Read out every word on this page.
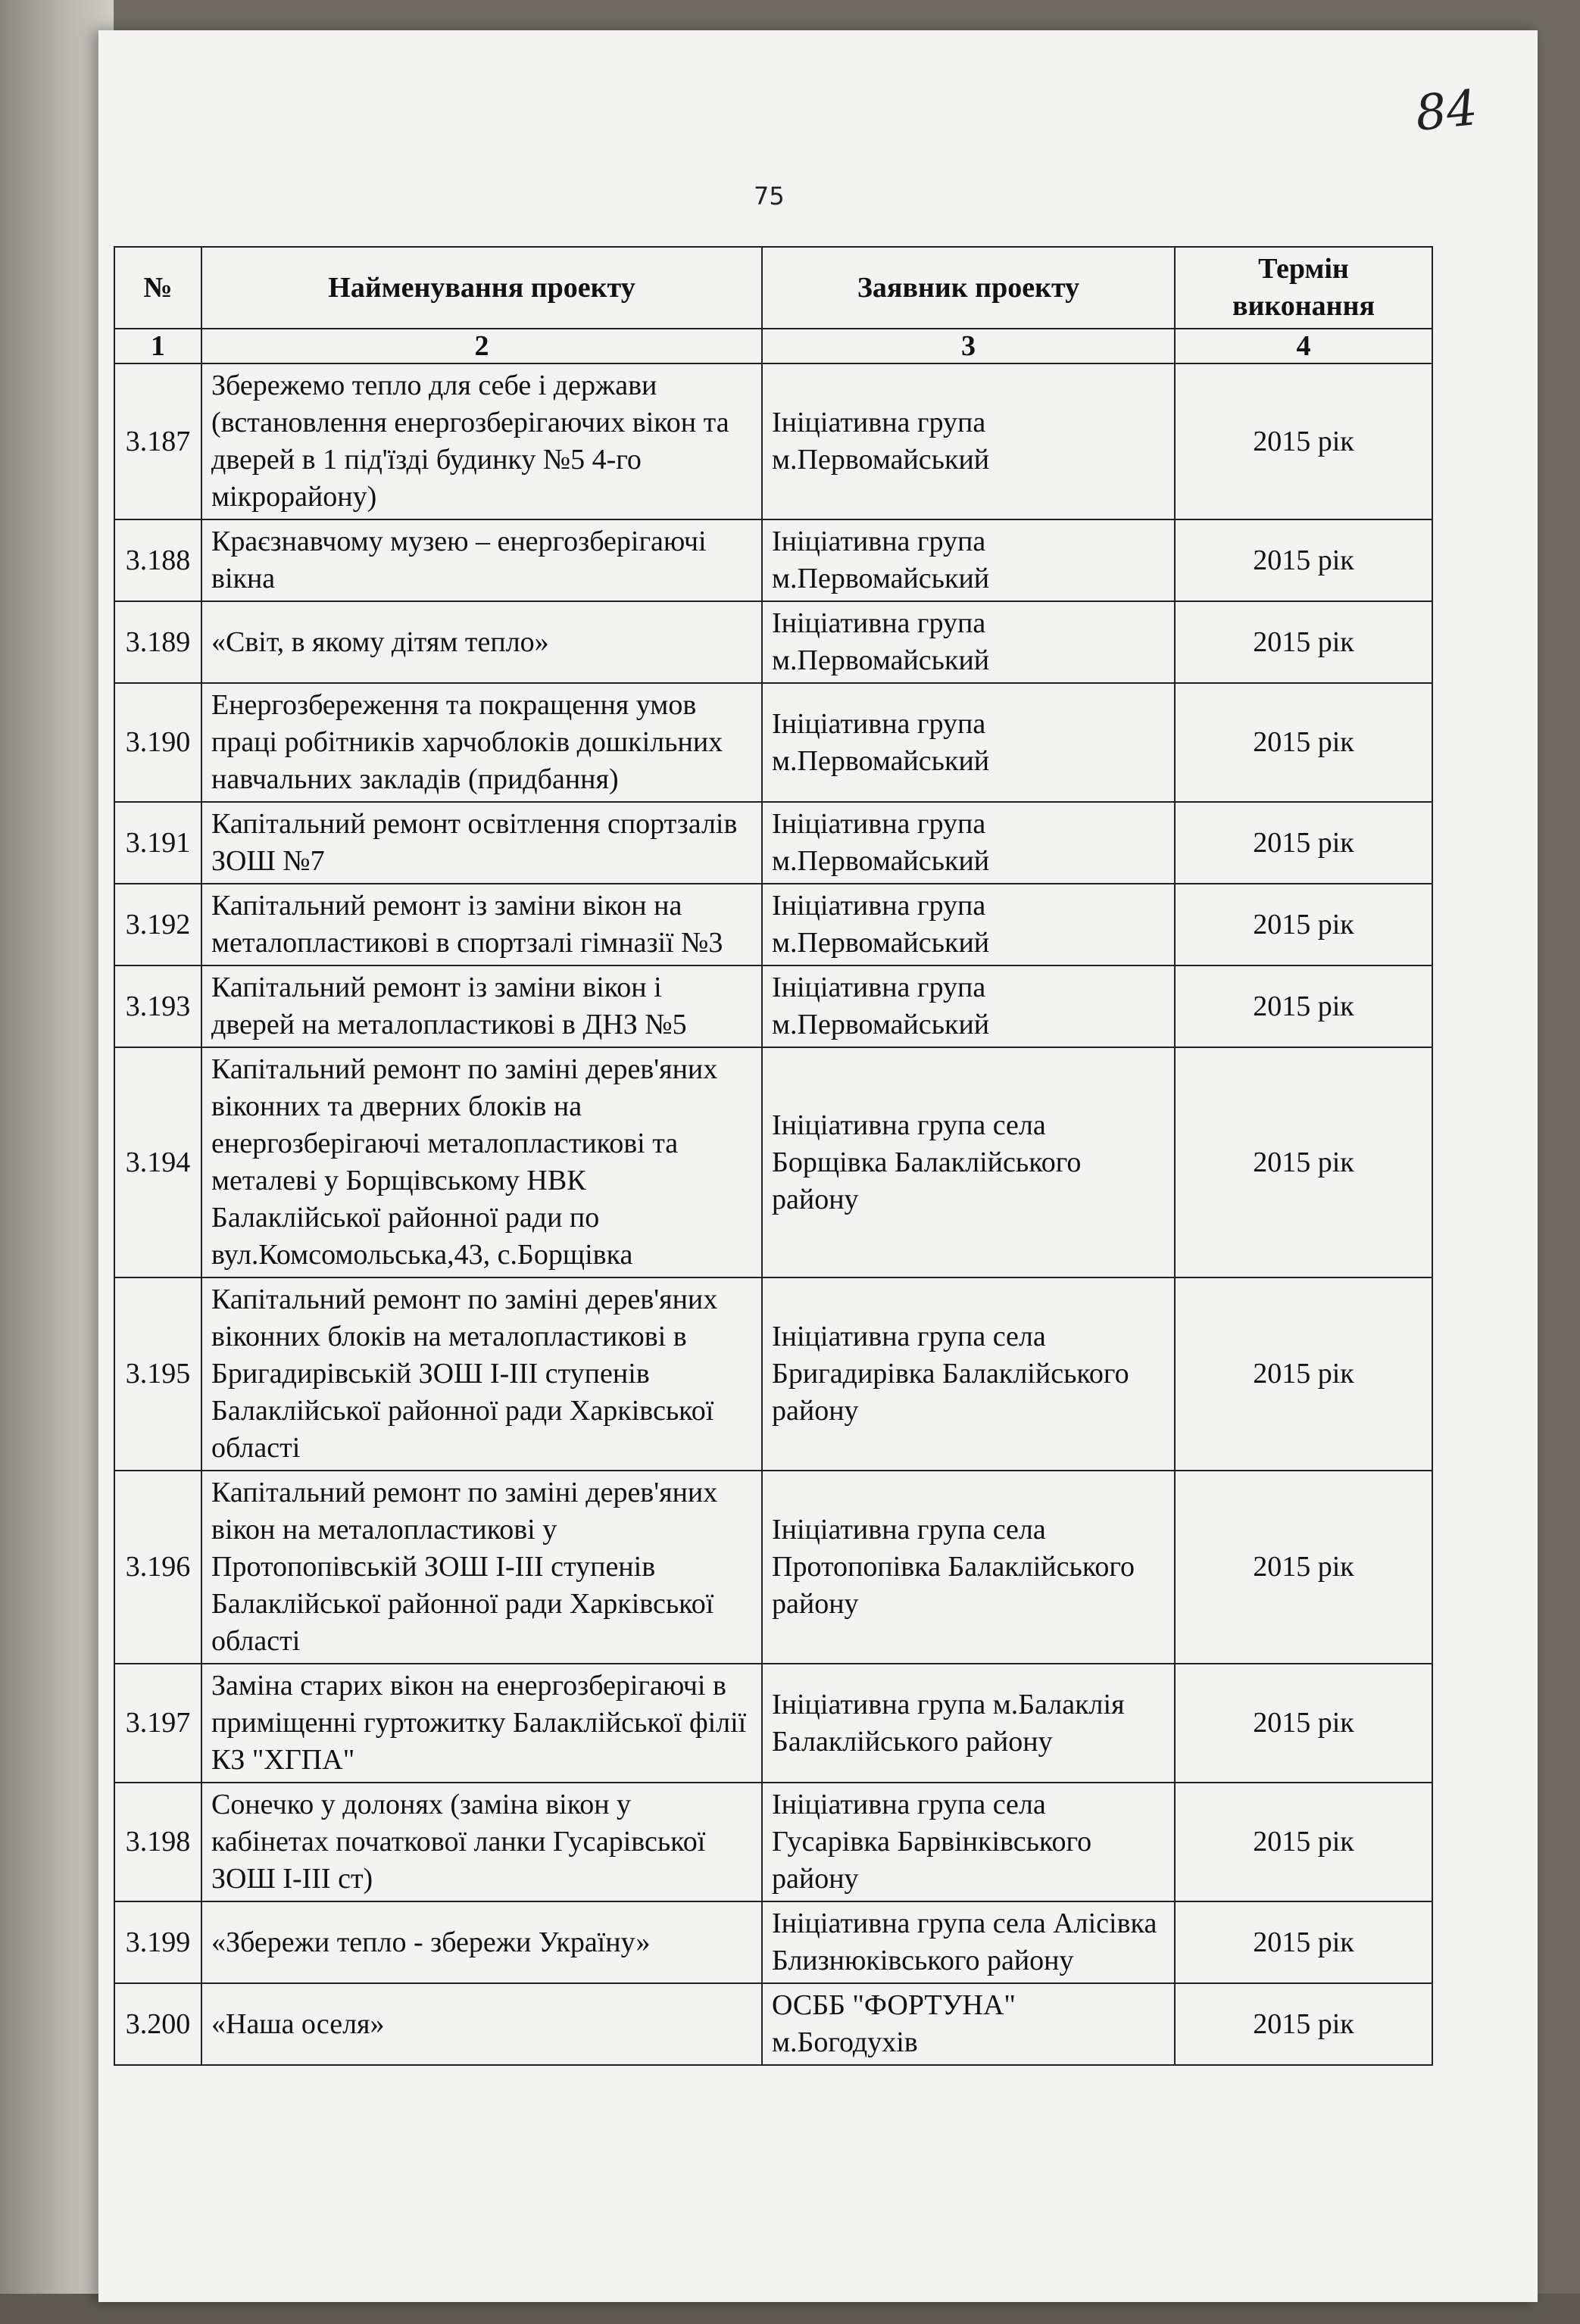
84
75
№	Найменування проекту	Заявник проекту	Термін виконання
1	2	3	4
3.187	Збережемо тепло для себе і держави (встановлення енергозберігаючих вікон та дверей в 1 під'їзді будинку №5 4-го мікрорайону)	Ініціативна група м.Первомайський	2015 рік
3.188	Краєзнавчому музею – енергозберігаючі вікна	Ініціативна група м.Первомайський	2015 рік
3.189	«Світ, в якому дітям тепло»	Ініціативна група м.Первомайський	2015 рік
3.190	Енергозбереження та покращення умов праці робітників харчоблоків дошкільних навчальних закладів (придбання)	Ініціативна група м.Первомайський	2015 рік
3.191	Капітальний ремонт освітлення спортзалів ЗОШ №7	Ініціативна група м.Первомайський	2015 рік
3.192	Капітальний ремонт із заміни вікон на металопластикові в спортзалі гімназії №3	Ініціативна група м.Первомайський	2015 рік
3.193	Капітальний ремонт із заміни вікон і дверей на металопластикові в ДНЗ №5	Ініціативна група м.Первомайський	2015 рік
3.194	Капітальний ремонт по заміні дерев'яних віконних та дверних блоків на енергозберігаючі металопластикові та металеві у Борщівському НВК Балаклійської районної ради по вул.Комсомольська,43, с.Борщівка	Ініціативна група села Борщівка Балаклійського району	2015 рік
3.195	Капітальний ремонт по заміні дерев'яних віконних блоків на металопластикові в Бригадирівській ЗОШ I-III ступенів Балаклійської районної ради Харківської області	Ініціативна група села Бригадирівка Балаклійського району	2015 рік
3.196	Капітальний ремонт по заміні дерев'яних вікон на металопластикові у Протопопівській ЗОШ I-III ступенів Балаклійської районної ради Харківської області	Ініціативна група села Протопопівка Балаклійського району	2015 рік
3.197	Заміна старих вікон на енергозберігаючі в приміщенні гуртожитку Балаклійської філії КЗ "ХГПА"	Ініціативна група м.Балаклія Балаклійського району	2015 рік
3.198	Сонечко у долонях (заміна вікон у кабінетах початкової ланки Гусарівської ЗОШ I-III ст)	Ініціативна група села Гусарівка Барвінківського району	2015 рік
3.199	«Збережи тепло - збережи Україну»	Ініціативна група села Алісівка Близнюківського району	2015 рік
3.200	«Наша оселя»	ОСББ "ФОРТУНА" м.Богодухів	2015 рік
